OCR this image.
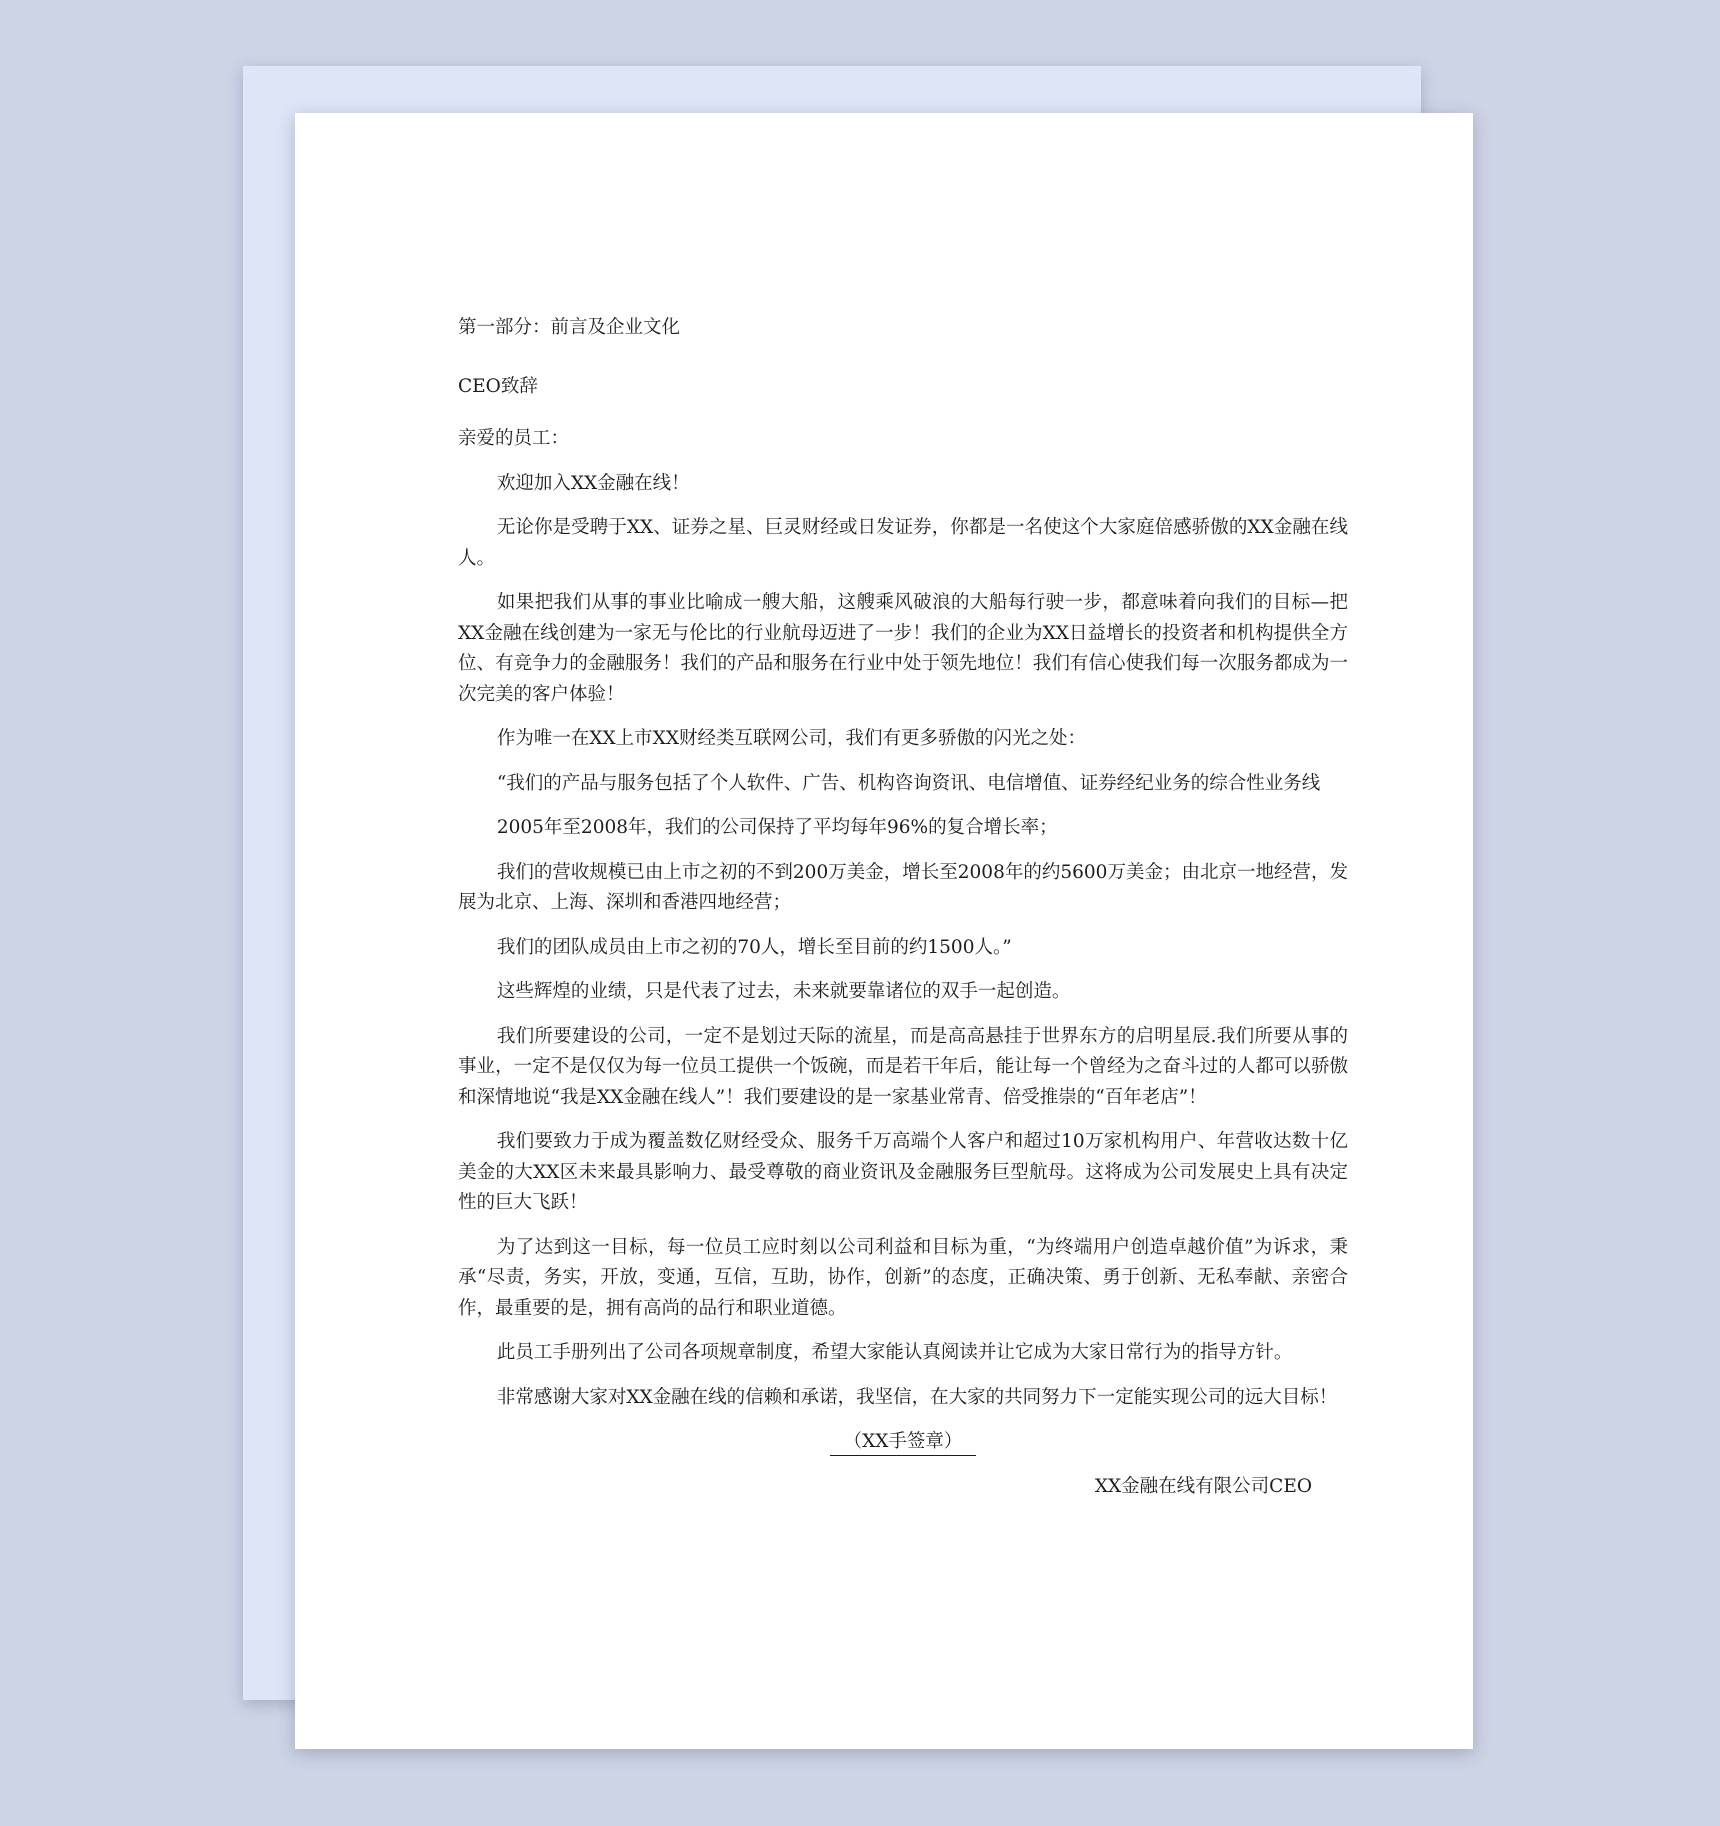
第一部分：前言及企业文化
CEO致辞
亲爱的员工：

欢迎加入XX金融在线！

无论你是受聘于XX、证券之星、巨灵财经或日发证券，你都是一名使这个大家庭倍感骄傲的XX金融在线人。

如果把我们从事的事业比喻成一艘大船，这艘乘风破浪的大船每行驶一步，都意味着向我们的目标—把XX金融在线创建为一家无与伦比的行业航母迈进了一步！我们的企业为XX日益增长的投资者和机构提供全方位、有竞争力的金融服务！我们的产品和服务在行业中处于领先地位！我们有信心使我们每一次服务都成为一次完美的客户体验！

作为唯一在XX上市XX财经类互联网公司，我们有更多骄傲的闪光之处：

“我们的产品与服务包括了个人软件、广告、机构咨询资讯、电信增值、证券经纪业务的综合性业务线

2005年至2008年，我们的公司保持了平均每年96%的复合增长率；

我们的营收规模已由上市之初的不到200万美金，增长至2008年的约5600万美金；由北京一地经营，发展为北京、上海、深圳和香港四地经营；

我们的团队成员由上市之初的70人，增长至目前的约1500人。”

这些辉煌的业绩，只是代表了过去，未来就要靠诸位的双手一起创造。

我们所要建设的公司，一定不是划过天际的流星，而是高高悬挂于世界东方的启明星辰.我们所要从事的事业，一定不是仅仅为每一位员工提供一个饭碗，而是若干年后，能让每一个曾经为之奋斗过的人都可以骄傲和深情地说“我是XX金融在线人”！我们要建设的是一家基业常青、倍受推崇的“百年老店”！

我们要致力于成为覆盖数亿财经受众、服务千万高端个人客户和超过10万家机构用户、年营收达数十亿美金的大XX区未来最具影响力、最受尊敬的商业资讯及金融服务巨型航母。这将成为公司发展史上具有决定性的巨大飞跃！

为了达到这一目标，每一位员工应时刻以公司利益和目标为重，“为终端用户创造卓越价值”为诉求，秉承“尽责，务实，开放，变通，互信，互助，协作，创新”的态度，正确决策、勇于创新、无私奉献、亲密合作，最重要的是，拥有高尚的品行和职业道德。

此员工手册列出了公司各项规章制度，希望大家能认真阅读并让它成为大家日常行为的指导方针。

非常感谢大家对XX金融在线的信赖和承诺，我坚信，在大家的共同努力下一定能实现公司的远大目标！

（XX手签章）
XX金融在线有限公司CEO
